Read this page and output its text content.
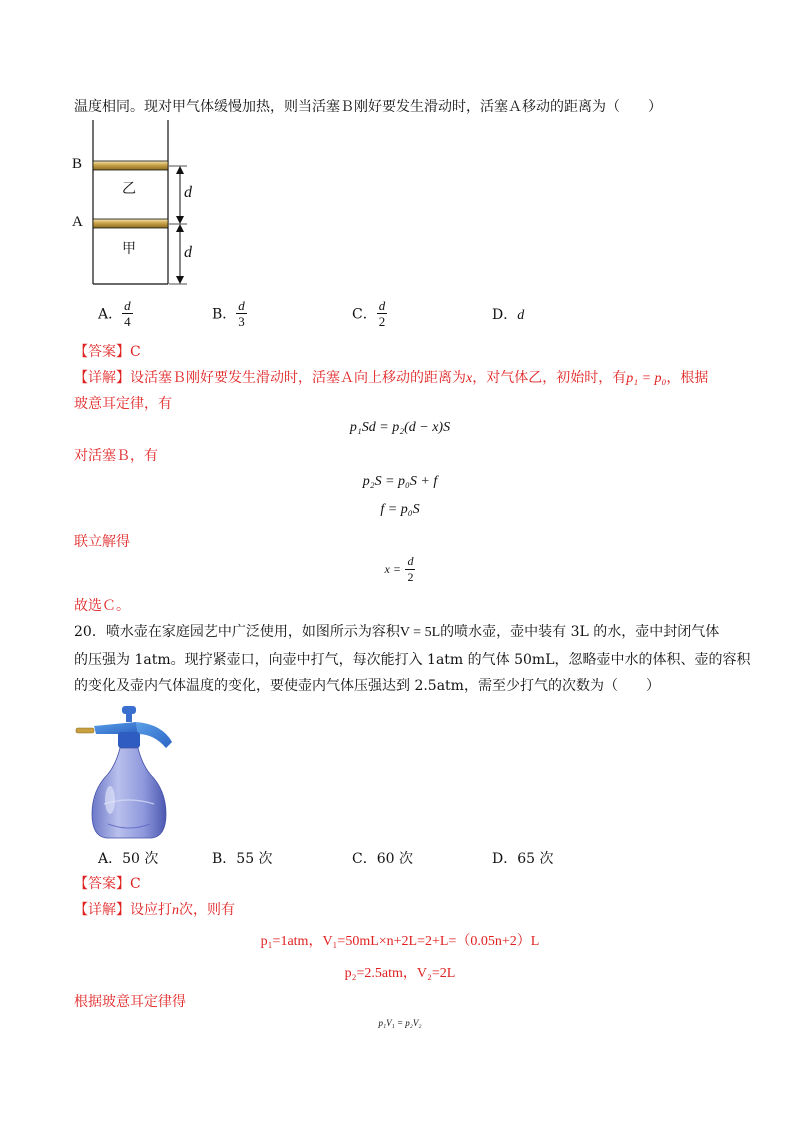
温度相同。现对甲气体缓慢加热，则当活塞Ｂ刚好要发生滑动时，活塞Ａ移动的距离为（　　）
B
A
乙
甲
d
d
A． $\frac{d}{4}$	B． $\frac{d}{3}$	C． $\frac{d}{2}$	D．d
【答案】C
【详解】设活塞Ｂ刚好要发生滑动时，活塞Ａ向上移动的距离为x，对气体乙，初始时，有p₁ = p₀，根据
玻意耳定律，有
p₁Sd = p₂(d − x)S
对活塞Ｂ，有
p₂S = p₀S + f
f = p₀S
联立解得
$x = \frac{d}{2}$
故选Ｃ。
20．喷水壶在家庭园艺中广泛使用，如图所示为容积V = 5L的喷水壶，壶中装有 3L 的水，壶中封闭气体
的压强为 1atm。现拧紧壶口，向壶中打气，每次能打入 1atm 的气体 50mL，忽略壶中水的体积、壶的容积
的变化及壶内气体温度的变化，要使壶内气体压强达到 2.5atm，需至少打气的次数为（　　）
A．50 次	B．55 次	C．60 次	D．65 次
【答案】C
【详解】设应打n次，则有
p₁=1atm，V₁=50mL×n+2L=2+L=（0.05n+2）L
p₂=2.5atm，V₂=2L
根据玻意耳定律得
p₁V₁ = p₂V₂
